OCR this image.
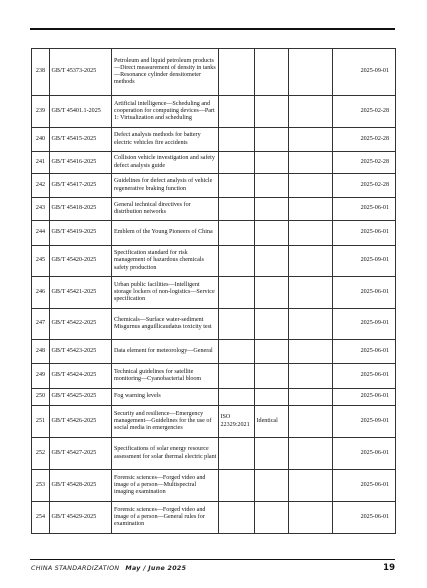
238	GB/T 45373-2025	Petroleum and liquid petroleum products—Direct measurement of density in tanks—Resonance cylinder densitometer methods				2025-09-01
239	GB/T 45401.1-2025	Artificial intelligence—Scheduling and cooperation for computing devices—Part 1: Virtualization and scheduling				2025-02-28
240	GB/T 45415-2025	Defect analysis methods for battery electric vehicles fire accidents				2025-02-28
241	GB/T 45416-2025	Collision vehicle investigation and safety defect analysis guide				2025-02-28
242	GB/T 45417-2025	Guidelines for defect analysis of vehicle regenerative braking function				2025-02-28
243	GB/T 45418-2025	General technical directives for distribution networks				2025-06-01
244	GB/T 45419-2025	Emblem of the Young Pioneers of China				2025-06-01
245	GB/T 45420-2025	Specification standard for risk management of hazardous chemicals safety production				2025-09-01
246	GB/T 45421-2025	Urban public facilities—Intelligent storage lockers of non-logistics—Service specification				2025-06-01
247	GB/T 45422-2025	Chemicals—Surface water-sediment Misgurnus anguillicaudatus toxicity test				2025-09-01
248	GB/T 45423-2025	Data element for meteorology—General				2025-06-01
249	GB/T 45424-2025	Technical guidelines for satellite monitoring—Cyanobacterial bloom				2025-06-01
250	GB/T 45425-2025	Fog warning levels				2025-06-01
251	GB/T 45426-2025	Security and resilience—Emergency management—Guidelines for the use of social media in emergencies	ISO 22329:2021	Identical		2025-09-01
252	GB/T 45427-2025	Specifications of solar energy resource assessment for solar thermal electric plant				2025-06-01
253	GB/T 45428-2025	Forensic sciences—Forged video and image of a person—Multispectral imaging examination				2025-06-01
254	GB/T 45429-2025	Forensic sciences—Forged video and image of a person—General rules for examination				2025-06-01
CHINA STANDARDIZATION May / June 2025	19
